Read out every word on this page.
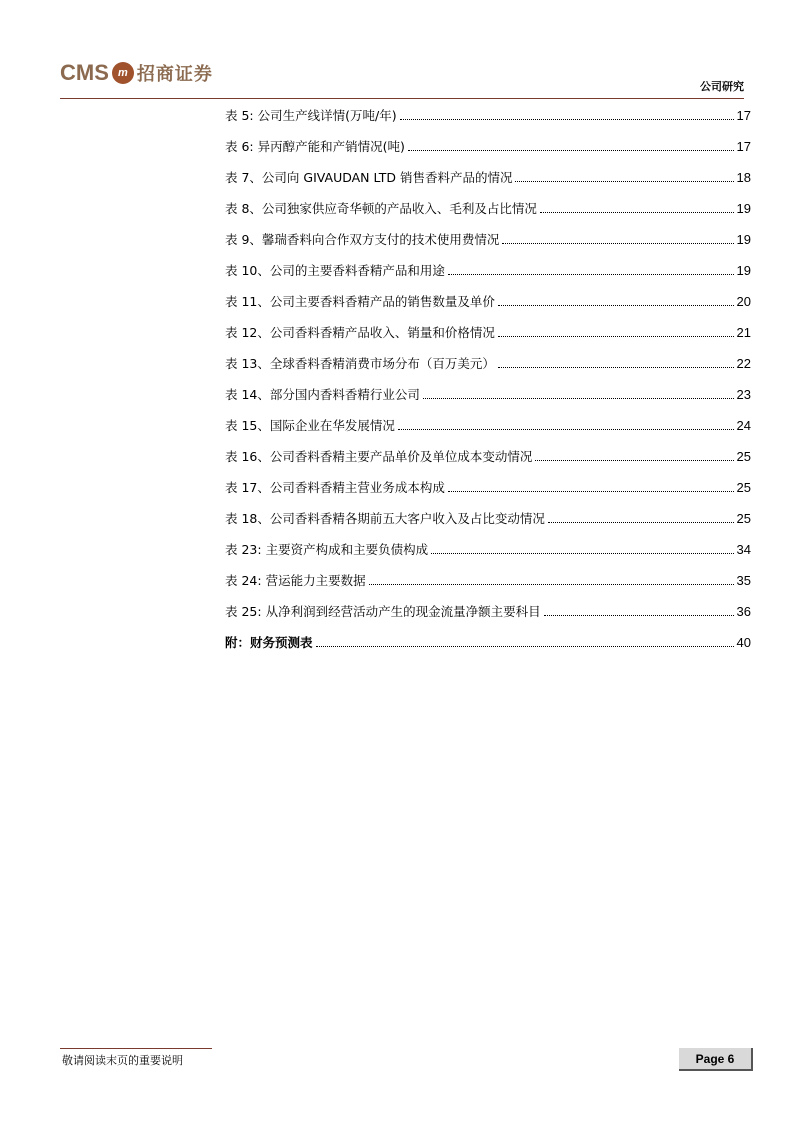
CMS m 招商证券
公司研究
表 5: 公司生产线详情(万吨/年)	17
表 6: 异丙醇产能和产销情况(吨)	17
表 7、公司向 GIVAUDAN LTD 销售香料产品的情况	18
表 8、公司独家供应奇华顿的产品收入、毛利及占比情况	19
表 9、馨瑞香料向合作双方支付的技术使用费情况	19
表 10、公司的主要香料香精产品和用途	19
表 11、公司主要香料香精产品的销售数量及单价	20
表 12、公司香料香精产品收入、销量和价格情况	21
表 13、全球香料香精消费市场分布（百万美元）	22
表 14、部分国内香料香精行业公司	23
表 15、国际企业在华发展情况	24
表 16、公司香料香精主要产品单价及单位成本变动情况	25
表 17、公司香料香精主营业务成本构成	25
表 18、公司香料香精各期前五大客户收入及占比变动情况	25
表 23: 主要资产构成和主要负债构成	34
表 24: 营运能力主要数据	35
表 25: 从净利润到经营活动产生的现金流量净额主要科目	36
附：财务预测表	40
敬请阅读末页的重要说明	Page 6
